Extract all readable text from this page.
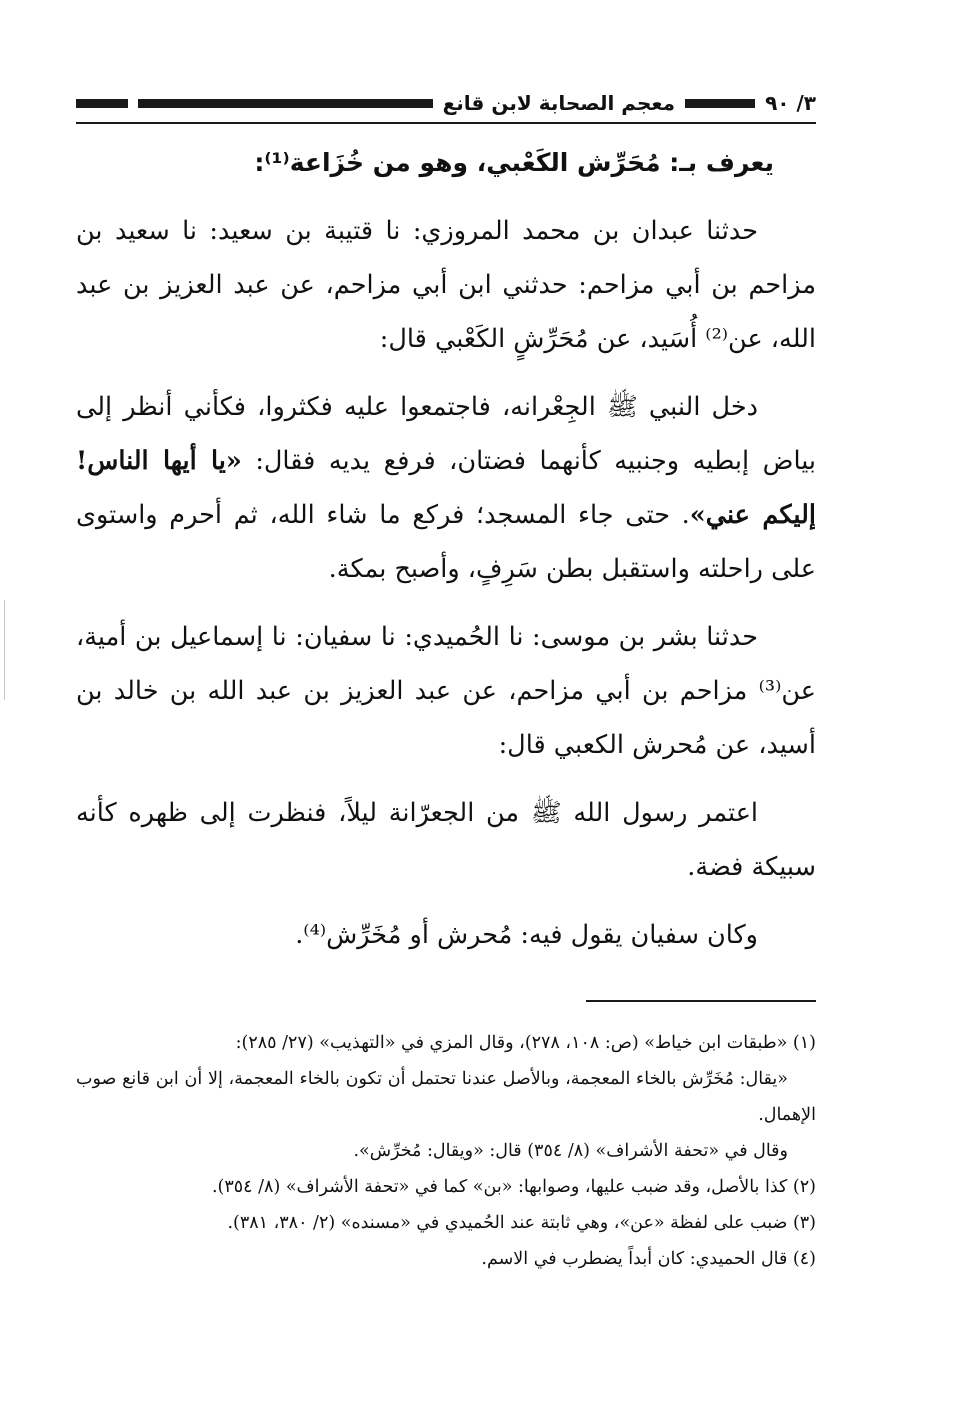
٣/ ٩٠
معجم الصحابة لابن قانع

يعرف بـ: مُحَرِّش الكَعْبي، وهو من خُزَاعة⁽¹⁾:

حدثنا عبدان بن محمد المروزي: نا قتيبة بن سعيد: نا سعيد بن مزاحم بن أبي مزاحم: حدثني ابن أبي مزاحم، عن عبد العزيز بن عبد الله، عن⁽²⁾ أُسَيد، عن مُحَرِّشٍ الكَعْبي قال:

دخل النبي ﷺ الجِعْرانه، فاجتمعوا عليه فكثروا، فكأني أنظر إلى بياض إبطيه وجنبيه كأنهما فضتان، فرفع يديه فقال: «يا أيها الناس! إليكم عني». حتى جاء المسجد؛ فركع ما شاء الله، ثم أحرم واستوى على راحلته واستقبل بطن سَرِفٍ، وأصبح بمكة.

حدثنا بشر بن موسى: نا الحُميدي: نا سفيان: نا إسماعيل بن أمية، عن⁽³⁾ مزاحم بن أبي مزاحم، عن عبد العزيز بن عبد الله بن خالد بن أسيد، عن مُحرش الكعبي قال:

اعتمر رسول الله ﷺ من الجعرّانة ليلاً، فنظرت إلى ظهره كأنه سبيكة فضة.

وكان سفيان يقول فيه: مُحرش أو مُخَرِّش⁽⁴⁾.

(١) «طبقات ابن خياط» (ص: ١٠٨، ٢٧٨)، وقال المزي في «التهذيب» (٢٧/ ٢٨٥):

«يقال: مُخَرِّش بالخاء المعجمة، وبالأصل عندنا تحتمل أن تكون بالخاء المعجمة، إلا أن ابن قانع صوب الإهمال.

وقال في «تحفة الأشراف» (٨/ ٣٥٤) قال: «ويقال: مُخرِّش».

(٢) كذا بالأصل، وقد ضبب عليها، وصوابها: «بن» كما في «تحفة الأشراف» (٨/ ٣٥٤).

(٣) ضبب على لفظة «عن»، وهي ثابتة عند الحُميدي في «مسنده» (٢/ ٣٨٠، ٣٨١).

(٤) قال الحميدي: كان أبداً يضطرب في الاسم.
